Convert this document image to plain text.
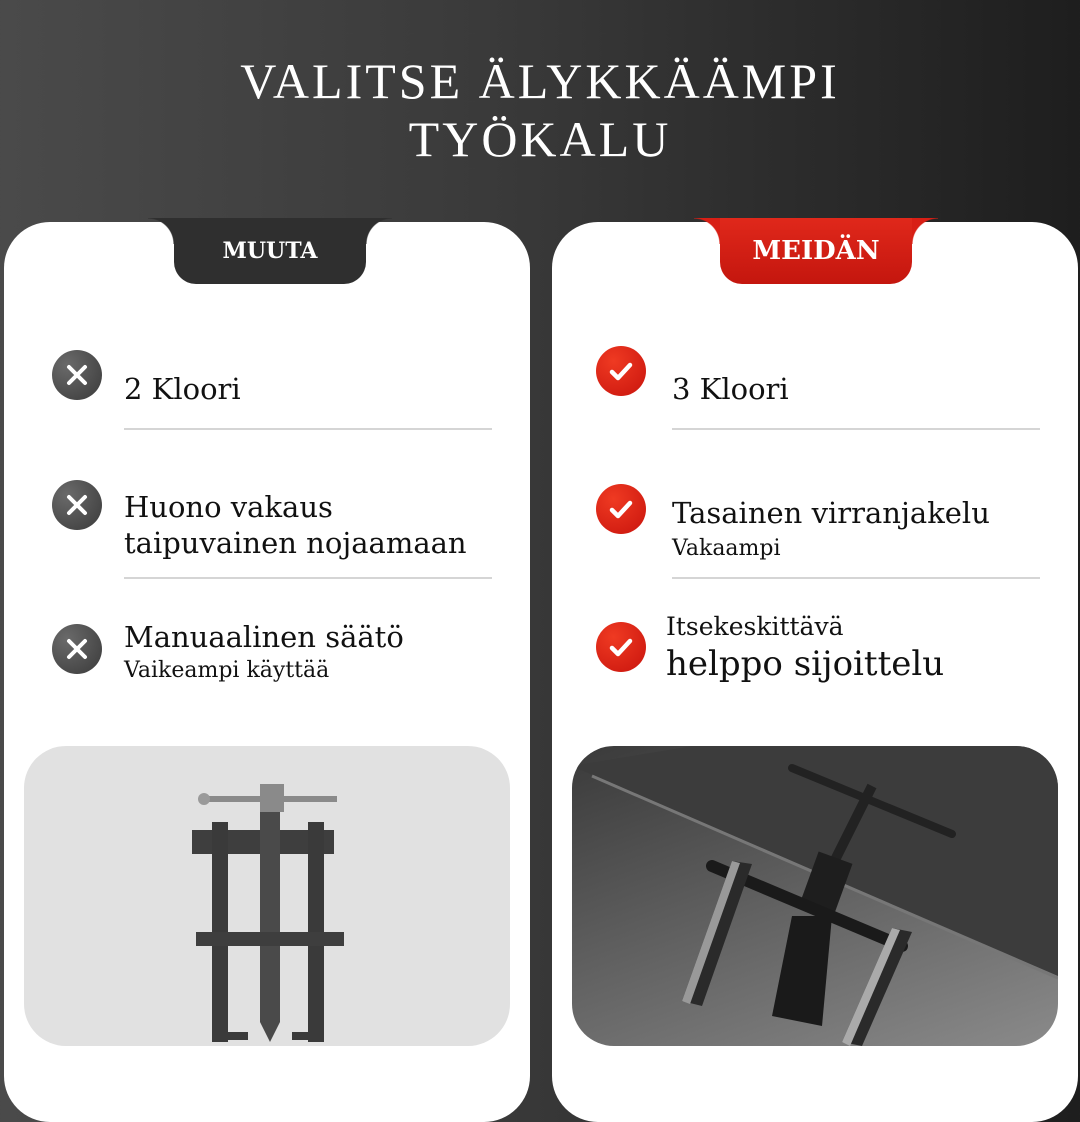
VALITSE ÄLYKKÄÄMPI
TYÖKALU
MUUTA
2 Kloori
Huono vakaus
taipuvainen nojaamaan
Manuaalinen säätö
Vaikeampi käyttää
MEIDÄN
3 Kloori
Tasainen virranjakelu
Vakaampi
Itsekeskittävä
helppo sijoittelu
